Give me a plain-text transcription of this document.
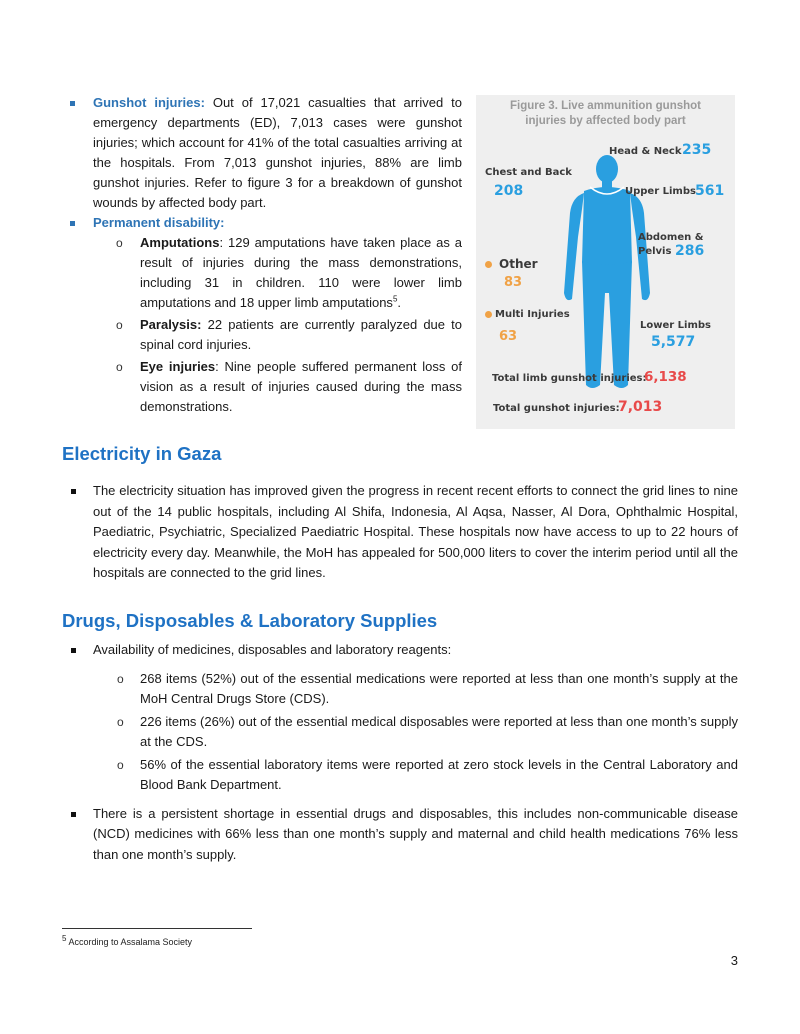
Gunshot injuries: Out of 17,021 casualties that arrived to emergency departments (ED), 7,013 cases were gunshot injuries; which account for 41% of the total casualties arriving at the hospitals. From 7,013 gunshot injuries, 88% are limb gunshot injuries. Refer to figure 3 for a breakdown of gunshot wounds by affected body part.
Permanent disability:
o Amputations: 129 amputations have taken place as a result of injuries during the mass demonstrations, including 31 in children. 110 were lower limb amputations and 18 upper limb amputations$^5$.
o Paralysis: 22 patients are currently paralyzed due to spinal cord injuries.
o Eye injuries: Nine people suffered permanent loss of vision as a result of injuries caused during the mass demonstrations.
Figure 3. Live ammunition gunshot
injuries by affected body part
Head & Neck 235
Chest and Back
208	Upper Limbs 561
Abdomen &
Pelvis 286
Other
83
Multi Injuries
63
Lower Limbs
5,577
Total limb gunshot injuries:
6,138
Total gunshot injuries:
7,013
Electricity in Gaza
The electricity situation has improved given the progress in recent recent efforts to connect the grid lines to nine out of the 14 public hospitals, including Al Shifa, Indonesia, Al Aqsa, Nasser, Al Dora, Ophthalmic Hospital, Paediatric, Psychiatric, Specialized Paediatric Hospital. These hospitals now have access to up to 22 hours of electricity every day. Meanwhile, the MoH has appealed for 500,000 liters to cover the interim period until all the hospitals are connected to the grid lines.
Drugs, Disposables & Laboratory Supplies
Availability of medicines, disposables and laboratory reagents:
o 268 items (52%) out of the essential medications were reported at less than one month’s supply at the MoH Central Drugs Store (CDS).
o 226 items (26%) out of the essential medical disposables were reported at less than one month’s supply at the CDS.
o 56% of the essential laboratory items were reported at zero stock levels in the Central Laboratory and Blood Bank Department.
There is a persistent shortage in essential drugs and disposables, this includes non-communicable disease (NCD) medicines with 66% less than one month’s supply and maternal and child health medications 76% less than one month’s supply.
$^5$ According to Assalama Society
3
